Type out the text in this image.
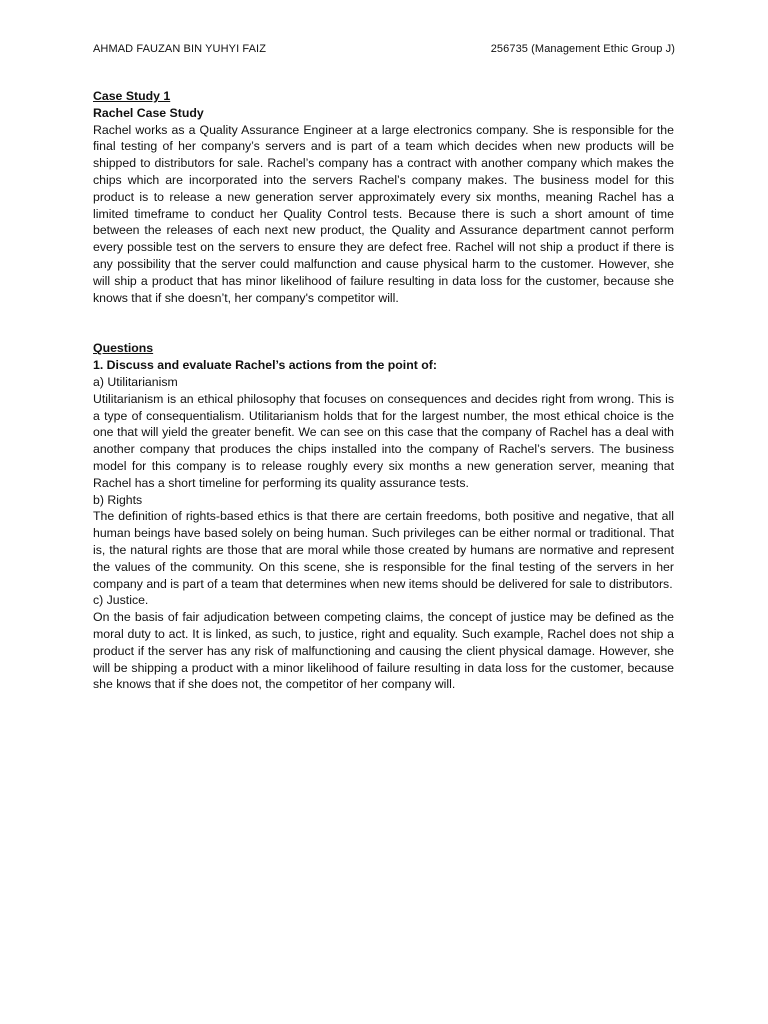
AHMAD FAUZAN BIN YUHYI FAIZ	256735 (Management Ethic Group J)

Case Study 1

Rachel Case Study

Rachel works as a Quality Assurance Engineer at a large electronics company. She is responsible for the final testing of her company’s servers and is part of a team which decides when new products will be shipped to distributors for sale. Rachel’s company has a contract with another company which makes the chips which are incorporated into the servers Rachel’s company makes. The business model for this product is to release a new generation server approximately every six months, meaning Rachel has a limited timeframe to conduct her Quality Control tests. Because there is such a short amount of time between the releases of each next new product, the Quality and Assurance department cannot perform every possible test on the servers to ensure they are defect free. Rachel will not ship a product if there is any possibility that the server could malfunction and cause physical harm to the customer. However, she will ship a product that has minor likelihood of failure resulting in data loss for the customer, because she knows that if she doesn’t, her company's competitor will.

Questions

1. Discuss and evaluate Rachel’s actions from the point of:

a) Utilitarianism

Utilitarianism is an ethical philosophy that focuses on consequences and decides right from wrong. This is a type of consequentialism. Utilitarianism holds that for the largest number, the most ethical choice is the one that will yield the greater benefit. We can see on this case that the company of Rachel has a deal with another company that produces the chips installed into the company of Rachel’s servers. The business model for this company is to release roughly every six months a new generation server, meaning that Rachel has a short timeline for performing its quality assurance tests.

b) Rights

The definition of rights-based ethics is that there are certain freedoms, both positive and negative, that all human beings have based solely on being human. Such privileges can be either normal or traditional. That is, the natural rights are those that are moral while those created by humans are normative and represent the values of the community. On this scene, she is responsible for the final testing of the servers in her company and is part of a team that determines when new items should be delivered for sale to distributors.

c) Justice.

On the basis of fair adjudication between competing claims, the concept of justice may be defined as the moral duty to act. It is linked, as such, to justice, right and equality. Such example, Rachel does not ship a product if the server has any risk of malfunctioning and causing the client physical damage. However, she will be shipping a product with a minor likelihood of failure resulting in data loss for the customer, because she knows that if she does not, the competitor of her company will.
